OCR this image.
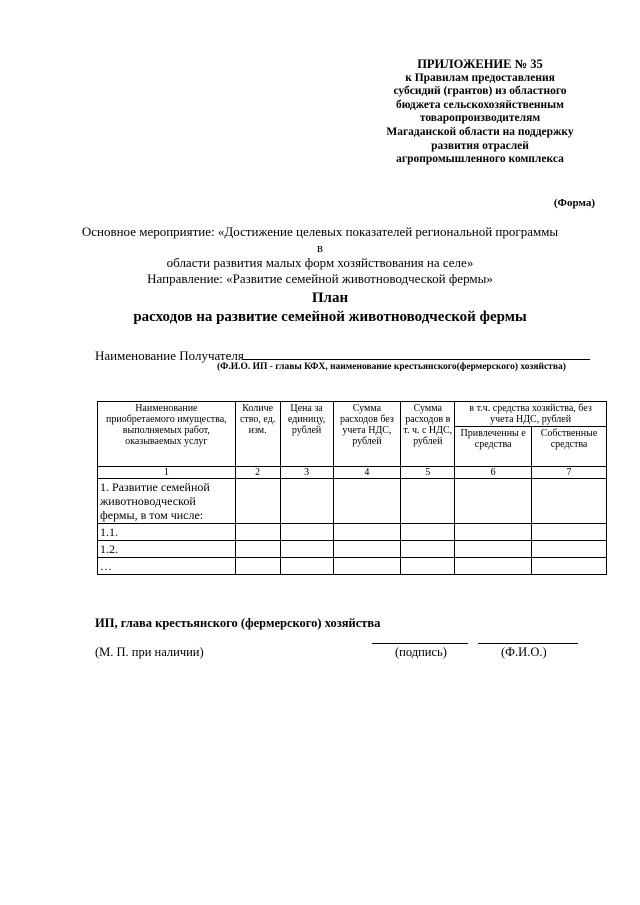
ПРИЛОЖЕНИЕ № 35
к Правилам предоставления
субсидий (грантов) из областного
бюджета сельскохозяйственным
товаропроизводителям
Магаданской области на поддержку
развития отраслей
агропромышленного комплекса
(Форма)
Основное мероприятие: «Достижение целевых показателей региональной программы в
области развития малых форм хозяйствования на селе»
Направление: «Развитие семейной животноводческой фермы»
План
расходов на развитие семейной животноводческой фермы
Наименование Получателя
(Ф.И.О. ИП - главы КФХ, наименование крестьянского(фермерского) хозяйства)
Наименование приобретаемого имущества, выполняемых работ, оказываемых услуг	Количе ство, ед. изм.	Цена за единицу, рублей	Сумма расходов без учета НДС, рублей	Сумма расходов в т. ч. с НДС, рублей	в т.ч. средства хозяйства, без учета НДС, рублей	
					Привлеченны е средства	Собственные средства
1	2	3	4	5	6	7
1. Развитие семейной животноводческой фермы, в том числе:						
1.1.						
1.2.						
…						
ИП, глава крестьянского (фермерского) хозяйства
(М. П. при наличии)	(подпись)	(Ф.И.О.)
